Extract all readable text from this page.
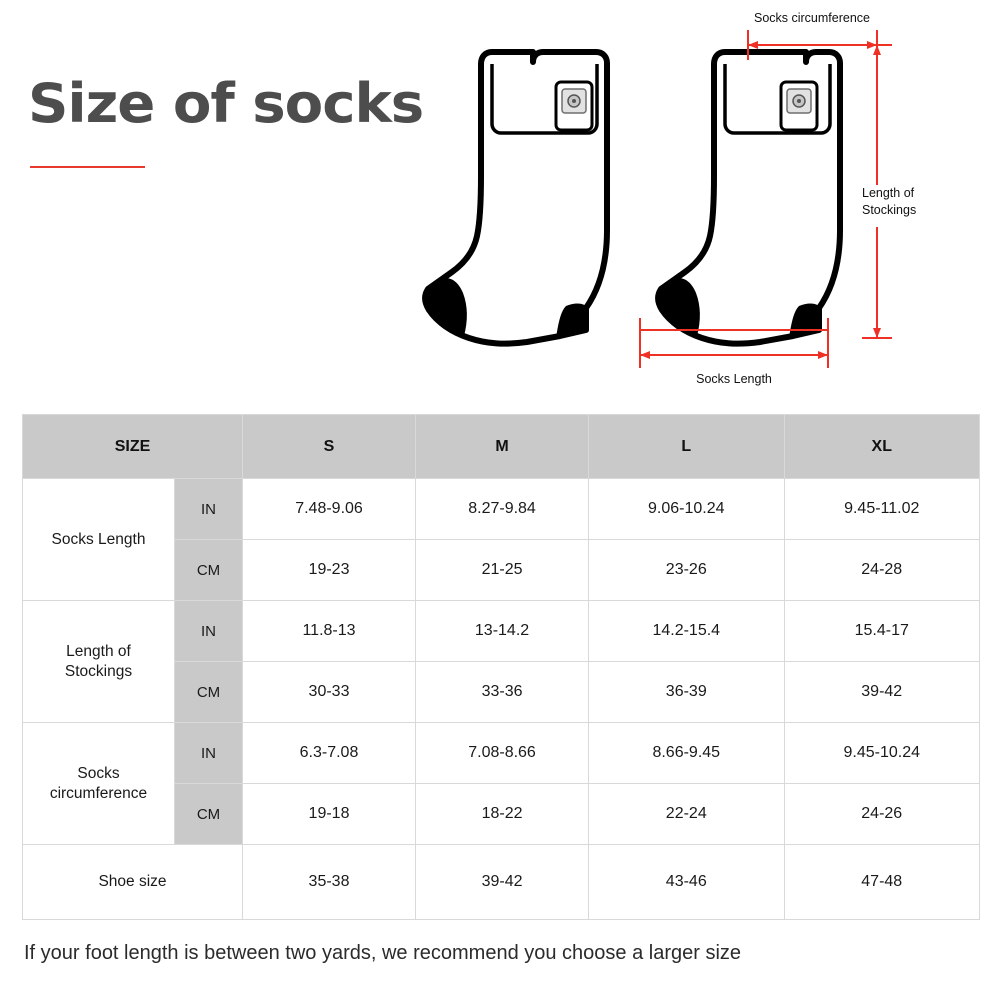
Size of socks
Socks circumference
Length of
Stockings
Socks Length
SIZE		S	M	L	XL
Socks Length	IN	7.48-9.06	8.27-9.84	9.06-10.24	9.45-11.02
	CM	19-23	21-25	23-26	24-28
Length of
Stockings	IN	11.8-13	13-14.2	14.2-15.4	15.4-17
	CM	30-33	33-36	36-39	39-42
Socks
circumference	IN	6.3-7.08	7.08-8.66	8.66-9.45	9.45-10.24
	CM	19-18	18-22	22-24	24-26
Shoe size		35-38	39-42	43-46	47-48
If your foot length is between two yards, we recommend you choose a larger size
